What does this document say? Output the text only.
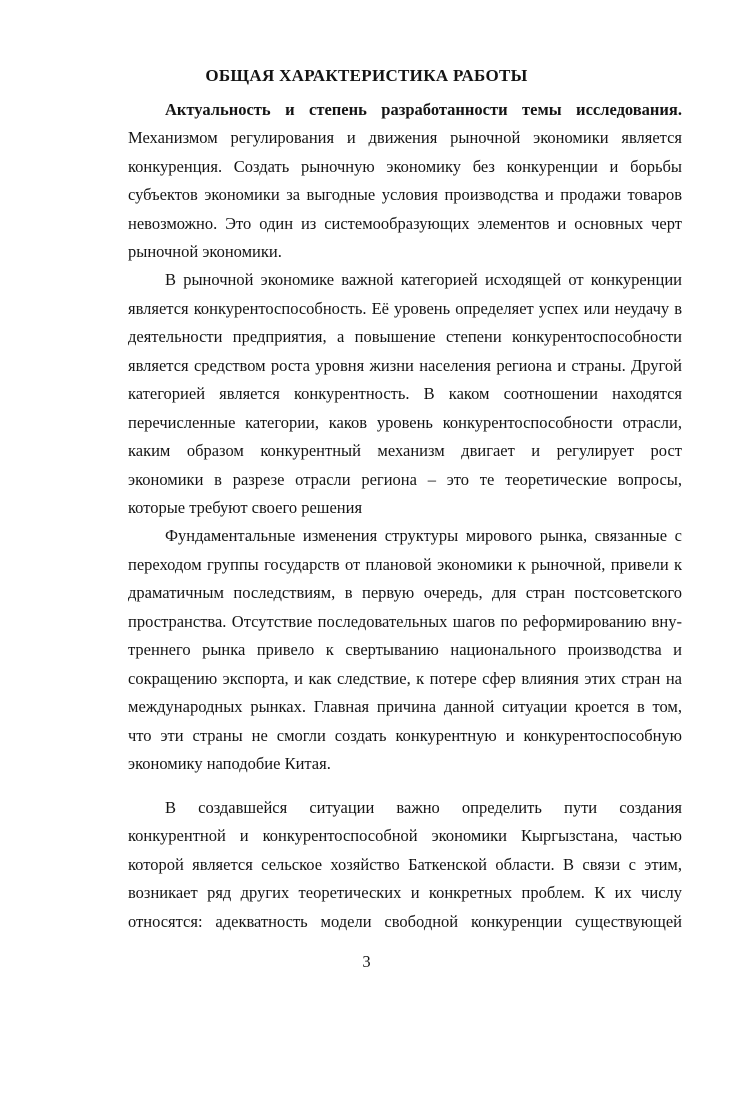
ОБЩАЯ ХАРАКТЕРИСТИКА РАБОТЫ
Актуальность и степень разработанности темы исследования.
Механизмом регулирования и движения рыночной экономики является
конкуренция. Создать рыночную экономику без конкуренции и борьбы
субъектов экономики за выгодные условия производства и продажи товаров
невозможно. Это один из системообразующих элементов и основных черт
рыночной экономики.
В рыночной экономике важной категорией исходящей от конкуренции
является конкурентоспособность. Её уровень определяет успех или неудачу в
деятельности предприятия, а повышение степени конкурентоспособности
является средством роста уровня жизни населения региона и страны. Другой
категорией является конкурентность. В каком соотношении находятся
перечисленные категории, каков уровень конкурентоспособности отрасли,
каким образом конкурентный механизм двигает и регулирует рост
экономики в разрезе отрасли региона – это те теоретические вопросы,
которые требуют своего решения
Фундаментальные изменения структуры мирового рынка, связанные с
переходом группы государств от плановой экономики к рыночной, привели к
драматичным последствиям, в первую очередь, для стран постсоветского
пространства. Отсутствие последовательных шагов по реформированию вну-
треннего рынка привело к свертыванию национального производства и
сокращению экспорта, и как следствие, к потере сфер влияния этих стран на
международных рынках. Главная причина данной ситуации кроется в том,
что эти страны не смогли создать конкурентную и конкурентоспособную
экономику наподобие Китая.
В создавшейся ситуации важно определить пути создания
конкурентной и конкурентоспособной экономики Кыргызстана, частью
которой является сельское хозяйство Баткенской области. В связи с этим,
возникает ряд других теоретических и конкретных проблем. К их числу
относятся: адекватность модели свободной конкуренции существующей
3
